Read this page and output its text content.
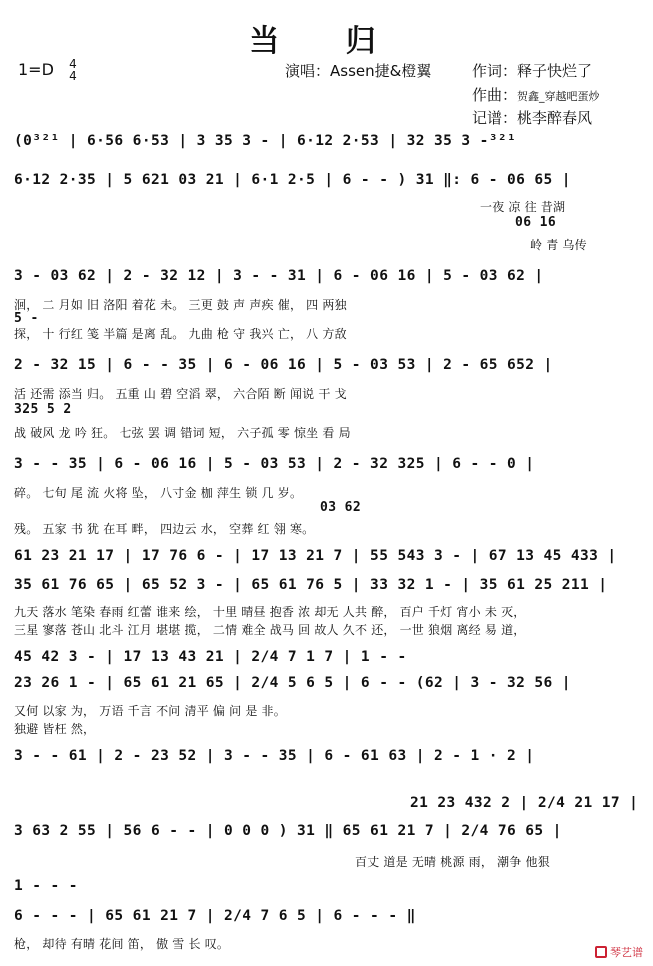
当 归
1=D 4
4	演唱：Assen捷&橙翼	作词：释子快烂了
作曲：贺鑫_穿越吧蛋炒
记谱：桃李醉春风
(0³²¹ | 6·56 6·53 | 3 35 3 - | 6·12 2·53 | 32 35 3 -³²¹
6·12 2·35 | 5 621 03 21 | 6·1 2·5 | 6 - - ) 31 ‖: 6 - 06 65 |
一夜 凉 往 昔湖
06 16
岭 青 乌传
3 - 03 62 | 2 - 32 12 | 3 - - 31 | 6 - 06 16 | 5 - 03 62 |
洄， 二 月如 旧 洛阳 着花 未。 三更 鼓 声 声疾 催， 四 两独
5 -
探， 十 行红 笺 半篇 是离 乱。 九曲 枪 守 我兴 亡， 八 方敌
2 - 32 15 | 6 - - 35 | 6 - 06 16 | 5 - 03 53 | 2 - 65 652 |
活 还需 添当 归。 五重 山 碧 空滔 翠， 六合陌 断 闻说 干 戈
325 5 2
战 破风 龙 吟 狂。 七弦 罢 调 错词 短， 六子孤 零 惊坐 看 局
3 - - 35 | 6 - 06 16 | 5 - 03 53 | 2 - 32 325 | 6 - - 0 |
碎。 七旬 尾 流 火将 坠， 八寸金 枷 萍生 锁 几 岁。
03 62
残。 五家 书 犹 在耳 畔， 四边云 水， 空葬 红 翎 寒。
61 23 21 17 | 17 76 6 - | 17 13 21 7 | 55 543 3 - | 67 13 45 433 |
35 61 76 65 | 65 52 3 - | 65 61 76 5 | 33 32 1 - | 35 61 25 211 |
九天 落水 笔染 春雨 红蕾 谁来 绘， 十里 晴昼 抱香 浓 却无 人共 醉， 百户 千灯 宵小 未 灭，
三星 寥落 苍山 北斗 江月 堪堪 揽， 二情 难全 战马 回 故人 久不 还， 一世 狼烟 离经 易 道，
45 42 3 - | 17 13 43 21 | 2/4 7 1 7 | 1 - -
23 26 1 - | 65 61 21 65 | 2/4 5 6 5 | 6 - - (62 | 3 - 32 56 |
又何 以家 为， 万语 千言 不问 清平 偏 问 是 非。
独避 皆枉 然，
3 - - 61 | 2 - 23 52 | 3 - - 35 | 6 - 61 63 | 2 - 1 · 2 |
21 23 432 2 | 2/4 21 17 |
3 63 2 55 | 56 6 - - | 0 0 0 ) 31 ‖ 65 61 21 7 | 2/4 76 65 |
百丈 道是 无晴 桃源 雨， 潮争 他狠
1 - - -
6 - - - | 65 61 21 7 | 2/4 7 6 5 | 6 - - - ‖
枪， 却待 有晴 花间 笛， 傲 雪 长 叹。
琴艺谱
